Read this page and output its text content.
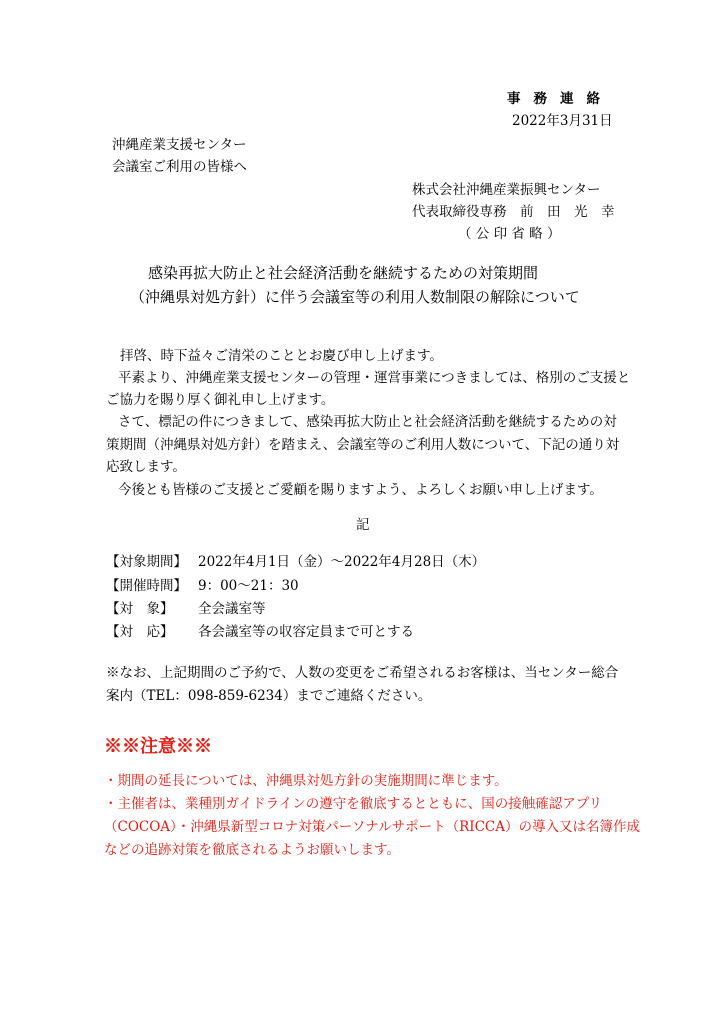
事務連絡
2022年3月31日
沖縄産業支援センター
会議室ご利用の皆様へ
株式会社沖縄産業振興センター
代表取締役専務　前　田　光　幸
（ 公 印 省 略 ）
感染再拡大防止と社会経済活動を継続するための対策期間
（沖縄県対処方針）に伴う会議室等の利用人数制限の解除について
拝啓、時下益々ご清栄のこととお慶び申し上げます。
平素より、沖縄産業支援センターの管理・運営事業につきましては、格別のご支援と
ご協力を賜り厚く御礼申し上げます。
さて、標記の件につきまして、感染再拡大防止と社会経済活動を継続するための対
策期間（沖縄県対処方針）を踏まえ、会議室等のご利用人数について、下記の通り対
応致します。
今後とも皆様のご支援とご愛顧を賜りますよう、よろしくお願い申し上げます。
記
【対象期間】 2022年4月1日（金）～2022年4月28日（木）
【開催時間】 9：00～21：30
【対　象】 全会議室等
【対　応】 各会議室等の収容定員まで可とする
※なお、上記期間のご予約で、人数の変更をご希望されるお客様は、当センター総合
案内（TEL：098-859-6234）までご連絡ください。
※※注意※※
・期間の延長については、沖縄県対処方針の実施期間に準じます。
・主催者は、業種別ガイドラインの遵守を徹底するとともに、国の接触確認アプリ
（COCOA）・沖縄県新型コロナ対策パーソナルサポート（RICCA）の導入又は名簿作成
などの追跡対策を徹底されるようお願いします。
